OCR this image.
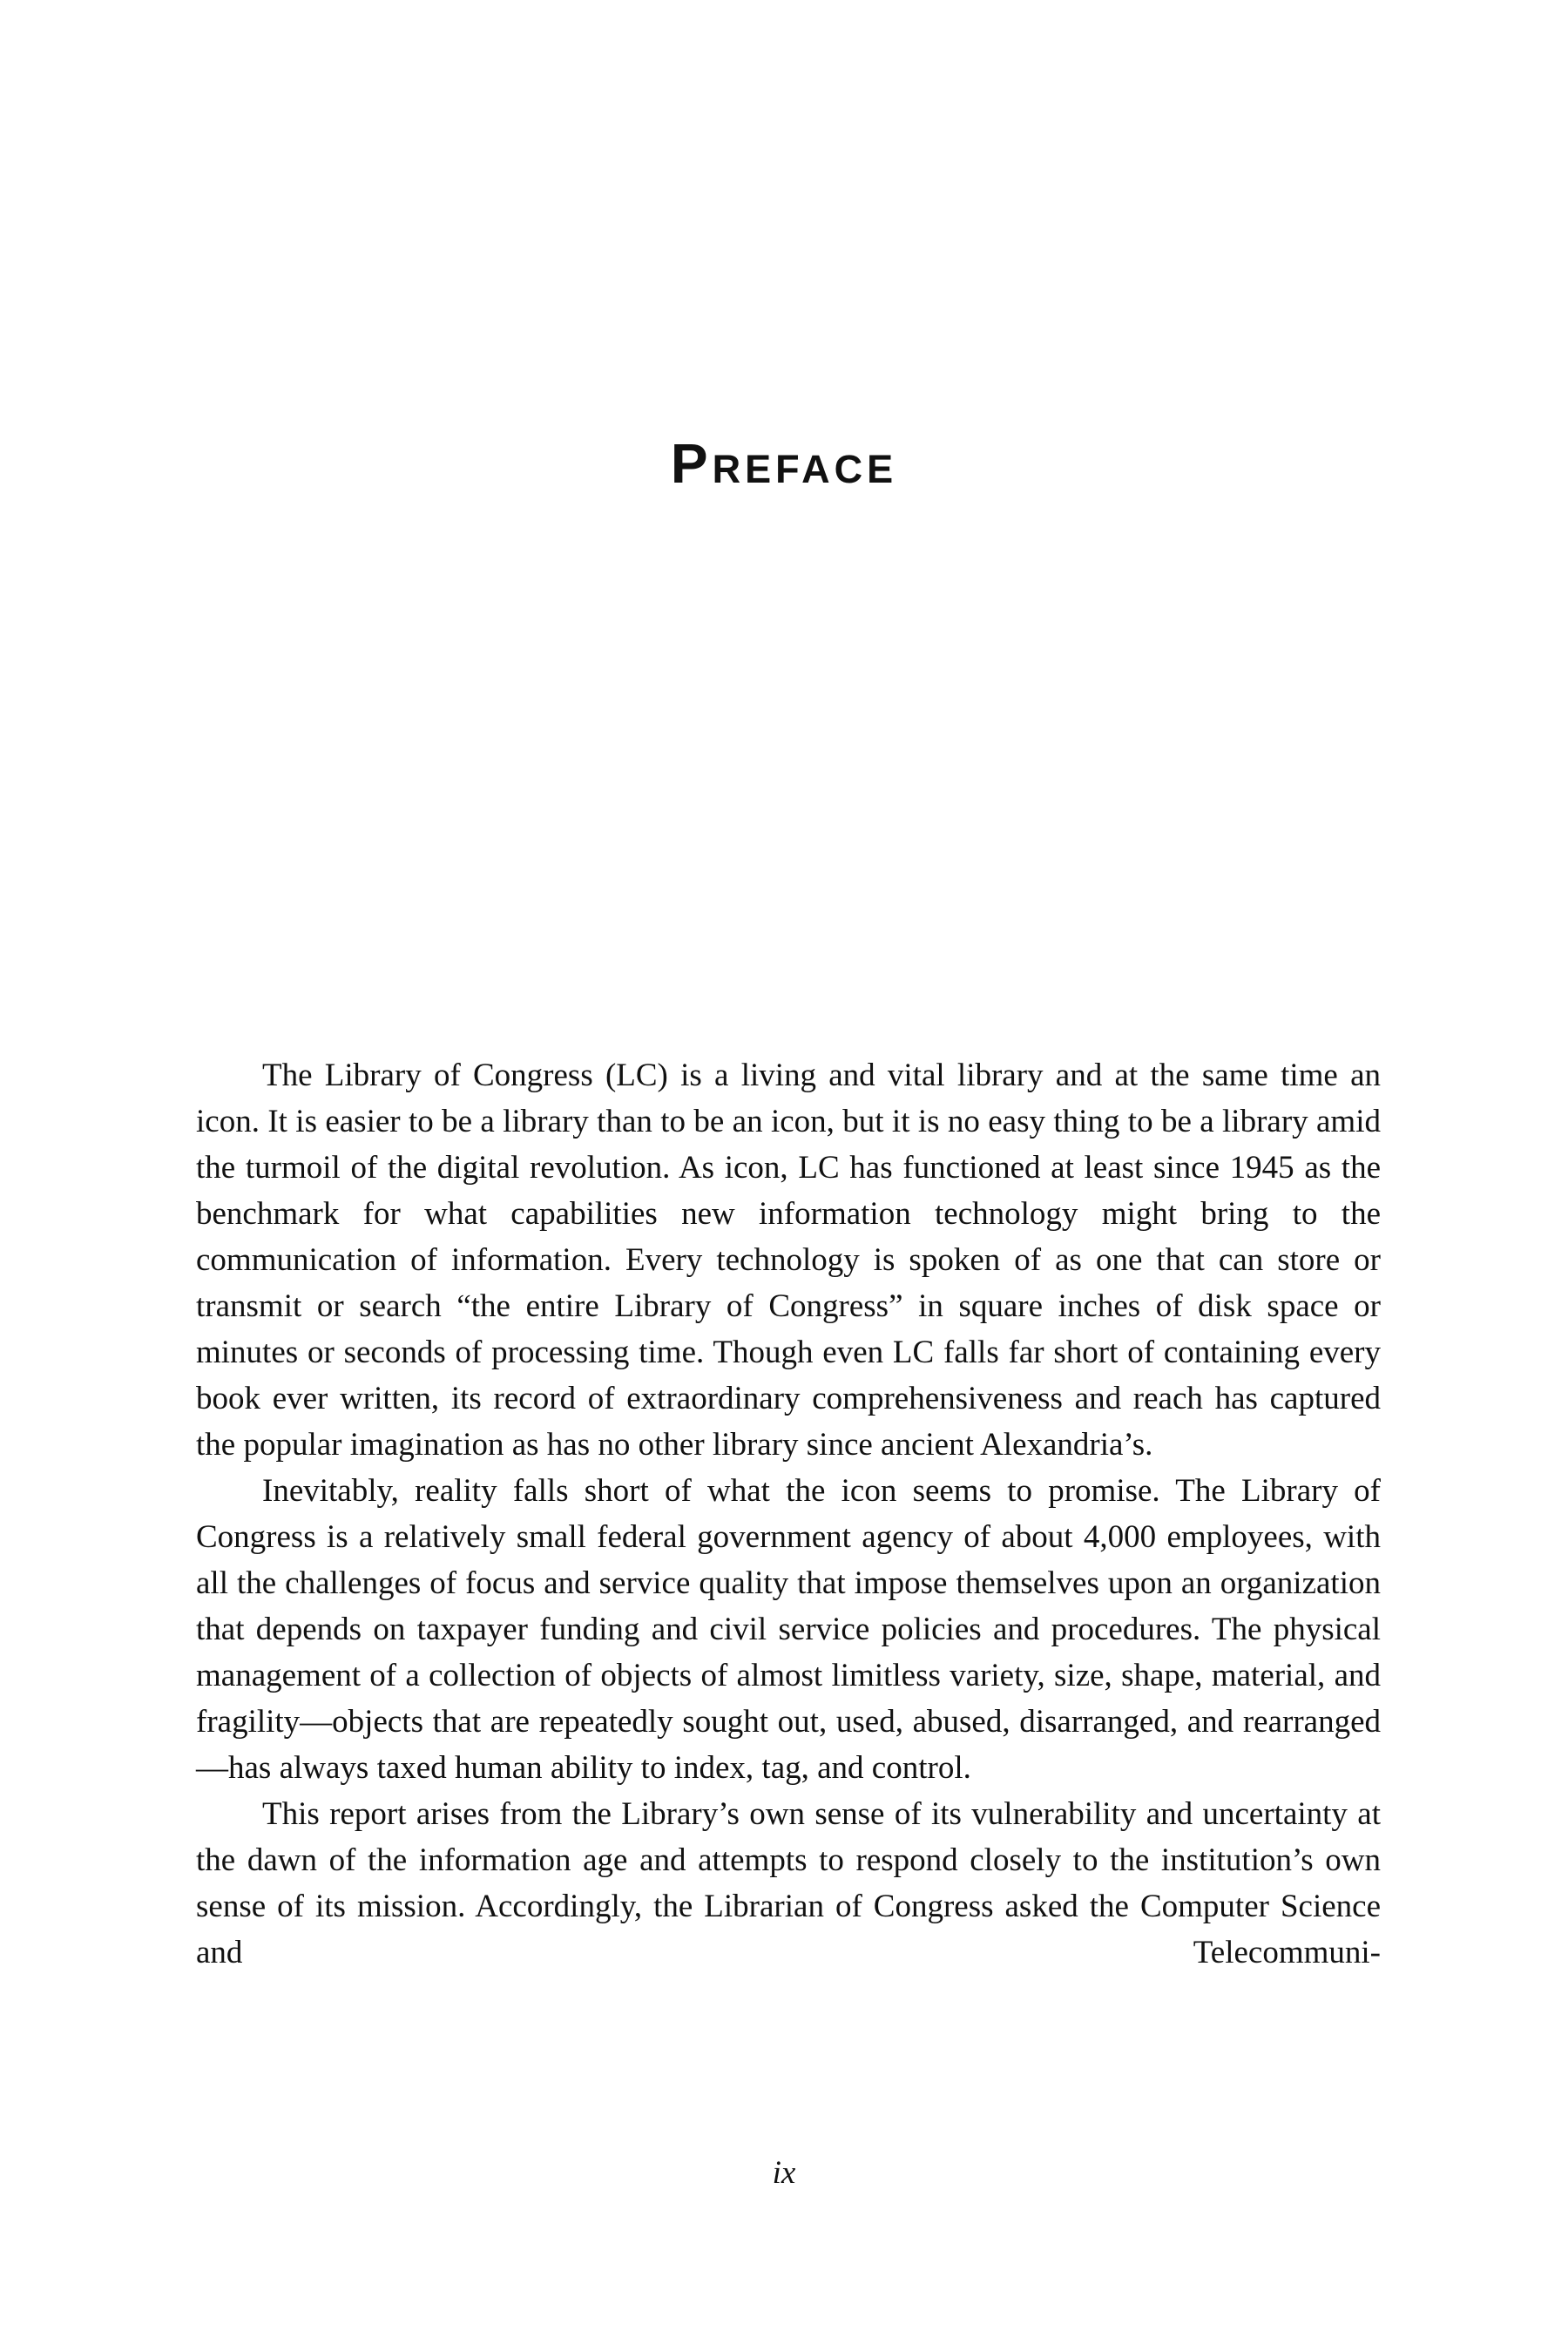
Preface

The Library of Congress (LC) is a living and vital library and at the same time an icon. It is easier to be a library than to be an icon, but it is no easy thing to be a library amid the turmoil of the digital revolution. As icon, LC has functioned at least since 1945 as the benchmark for what capabilities new information technology might bring to the communication of information. Every technology is spoken of as one that can store or transmit or search “the entire Library of Congress” in square inches of disk space or minutes or seconds of processing time. Though even LC falls far short of containing every book ever written, its record of extraordinary comprehensiveness and reach has captured the popular imagination as has no other library since ancient Alexandria’s.

Inevitably, reality falls short of what the icon seems to promise. The Library of Congress is a relatively small federal government agency of about 4,000 employees, with all the challenges of focus and service quality that impose themselves upon an organization that depends on taxpayer funding and civil service policies and procedures. The physical management of a collection of objects of almost limitless variety, size, shape, material, and fragility—objects that are repeatedly sought out, used, abused, disarranged, and rearranged—has always taxed human ability to index, tag, and control.

This report arises from the Library’s own sense of its vulnerability and uncertainty at the dawn of the information age and attempts to respond closely to the institution’s own sense of its mission. Accordingly, the Librarian of Congress asked the Computer Science and Telecommuni-

ix
